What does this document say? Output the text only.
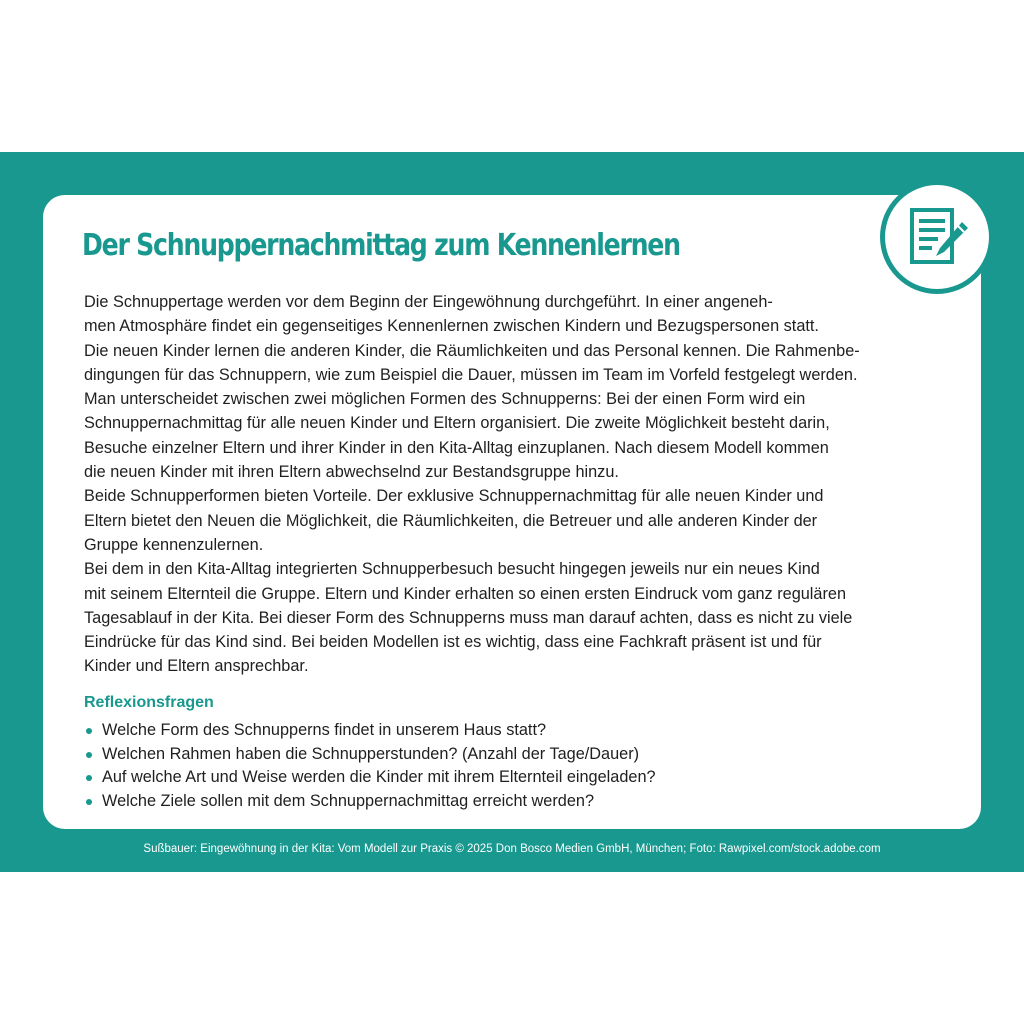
Der Schnuppernachmittag zum Kennenlernen
Die Schnuppertage werden vor dem Beginn der Eingewöhnung durchgeführt. In einer angeneh-
men Atmosphäre findet ein gegenseitiges Kennenlernen zwischen Kindern und Bezugspersonen statt.
Die neuen Kinder lernen die anderen Kinder, die Räumlichkeiten und das Personal kennen. Die Rahmenbe-
dingungen für das Schnuppern, wie zum Beispiel die Dauer, müssen im Team im Vorfeld festgelegt werden.
Man unterscheidet zwischen zwei möglichen Formen des Schnupperns: Bei der einen Form wird ein
Schnuppernachmittag für alle neuen Kinder und Eltern organisiert. Die zweite Möglichkeit besteht darin,
Besuche einzelner Eltern und ihrer Kinder in den Kita-Alltag einzuplanen. Nach diesem Modell kommen
die neuen Kinder mit ihren Eltern abwechselnd zur Bestandsgruppe hinzu.
Beide Schnupperformen bieten Vorteile. Der exklusive Schnuppernachmittag für alle neuen Kinder und
Eltern bietet den Neuen die Möglichkeit, die Räumlichkeiten, die Betreuer und alle anderen Kinder der
Gruppe kennenzulernen.
Bei dem in den Kita-Alltag integrierten Schnupperbesuch besucht hingegen jeweils nur ein neues Kind
mit seinem Elternteil die Gruppe. Eltern und Kinder erhalten so einen ersten Eindruck vom ganz regulären
Tagesablauf in der Kita. Bei dieser Form des Schnupperns muss man darauf achten, dass es nicht zu viele
Eindrücke für das Kind sind. Bei beiden Modellen ist es wichtig, dass eine Fachkraft präsent ist und für
Kinder und Eltern ansprechbar.
Reflexionsfragen
Welche Form des Schnupperns findet in unserem Haus statt?
Welchen Rahmen haben die Schnupperstunden? (Anzahl der Tage/Dauer)
Auf welche Art und Weise werden die Kinder mit ihrem Elternteil eingeladen?
Welche Ziele sollen mit dem Schnuppernachmittag erreicht werden?
Sußbauer: Eingewöhnung in der Kita: Vom Modell zur Praxis © 2025 Don Bosco Medien GmbH, München; Foto: Rawpixel.com/stock.adobe.com
